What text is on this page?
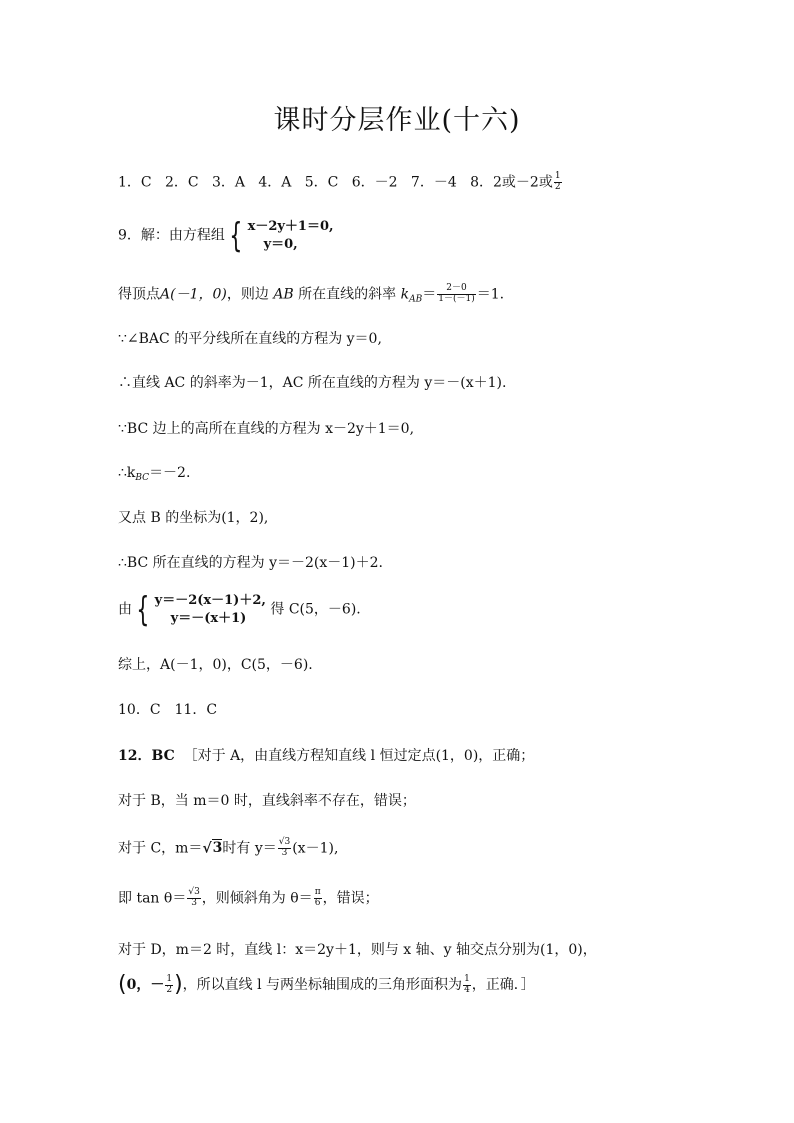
课时分层作业(十六)
1．C 2．C 3．A 4．A 5．C 6．－2 7．－4 8．2或－2或 $\frac{1}{2}$
9．解：由方程组 { x－2y＋1＝0,
y＝0,
得顶点A(－1，0)，则边 AB 所在直线的斜率 $k_{AB}= \frac{2-0}{1-(-1)} =1$.
∵∠BAC 的平分线所在直线的方程为 y＝0,
∴直线 AC 的斜率为－1，AC 所在直线的方程为 y＝－(x＋1).
∵BC 边上的高所在直线的方程为 x－2y＋1＝0,
$\therefore k_{BC}=-2$.
又点 B 的坐标为(1，2),
∴BC 所在直线的方程为 y＝－2(x－1)＋2.
由 { y＝－2(x－1)＋2,
y＝－(x＋1)
得 C(5，－6).
综上，A(－1，0)，C(5，－6).
10．C　11．C
12．BC ［对于 A，由直线方程知直线 l 恒过定点(1，0)，正确；
对于 B，当 m＝0 时，直线斜率不存在，错误；
对于 C，m＝√3时有 $y= \frac{√3}{3} (x-1)$,
即 $\tan \theta= \frac{√3}{3}$ ，则倾斜角为 $\theta= \frac{\pi}{6}$ ，错误；
对于 D，m＝2 时，直线 l：x＝2y＋1，则与 x 轴、y 轴交点分别为(1，0)，
(0，－ $\frac{1}{2}$ )，所以直线 l 与两坐标轴围成的三角形面积为 $\frac{1}{4}$ ，正确．］
